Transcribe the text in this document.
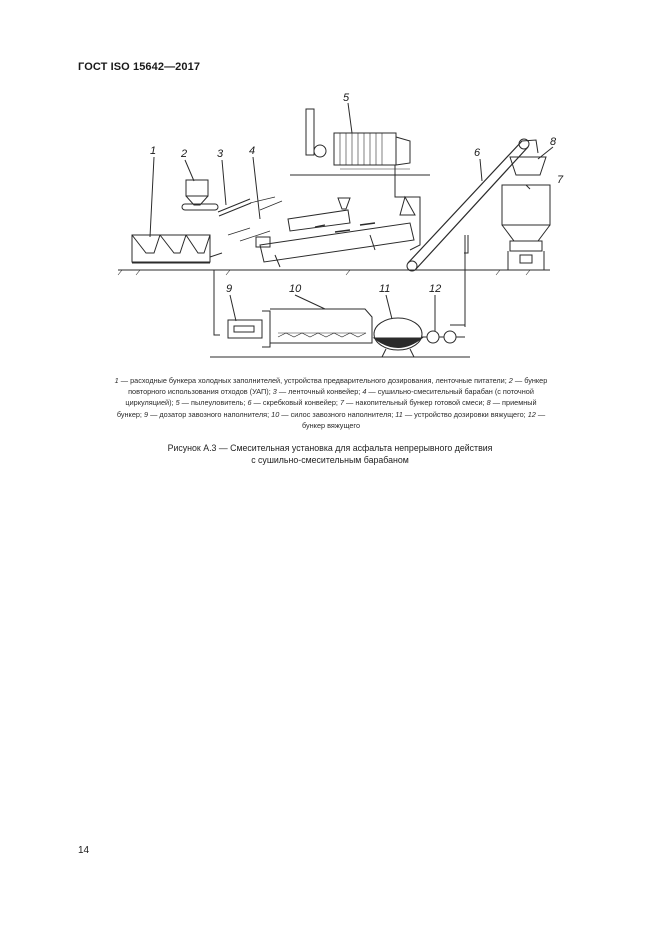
ГОСТ ISO 15642—2017
1 2	3 4
5
6
7
8
9	10	11	12
1 — расходные бункера холодных заполнителей, устройства предварительного дозирования, ленточные питатели; 2 — бункер повторного использования отходов (УАП); 3 — ленточный конвейер; 4 — сушильно-смесительный барабан (с поточной циркуляцией); 5 — пылеуловитель; 6 — скребковый конвейер; 7 — накопительный бункер готовой смеси; 8 — приемный бункер; 9 — дозатор завозного наполнителя; 10 — силос завозного наполнителя; 11 — устройство дозировки вяжущего; 12 — бункер вяжущего
Рисунок А.3 — Смесительная установка для асфальта непрерывного действия
с сушильно-смесительным барабаном
14
